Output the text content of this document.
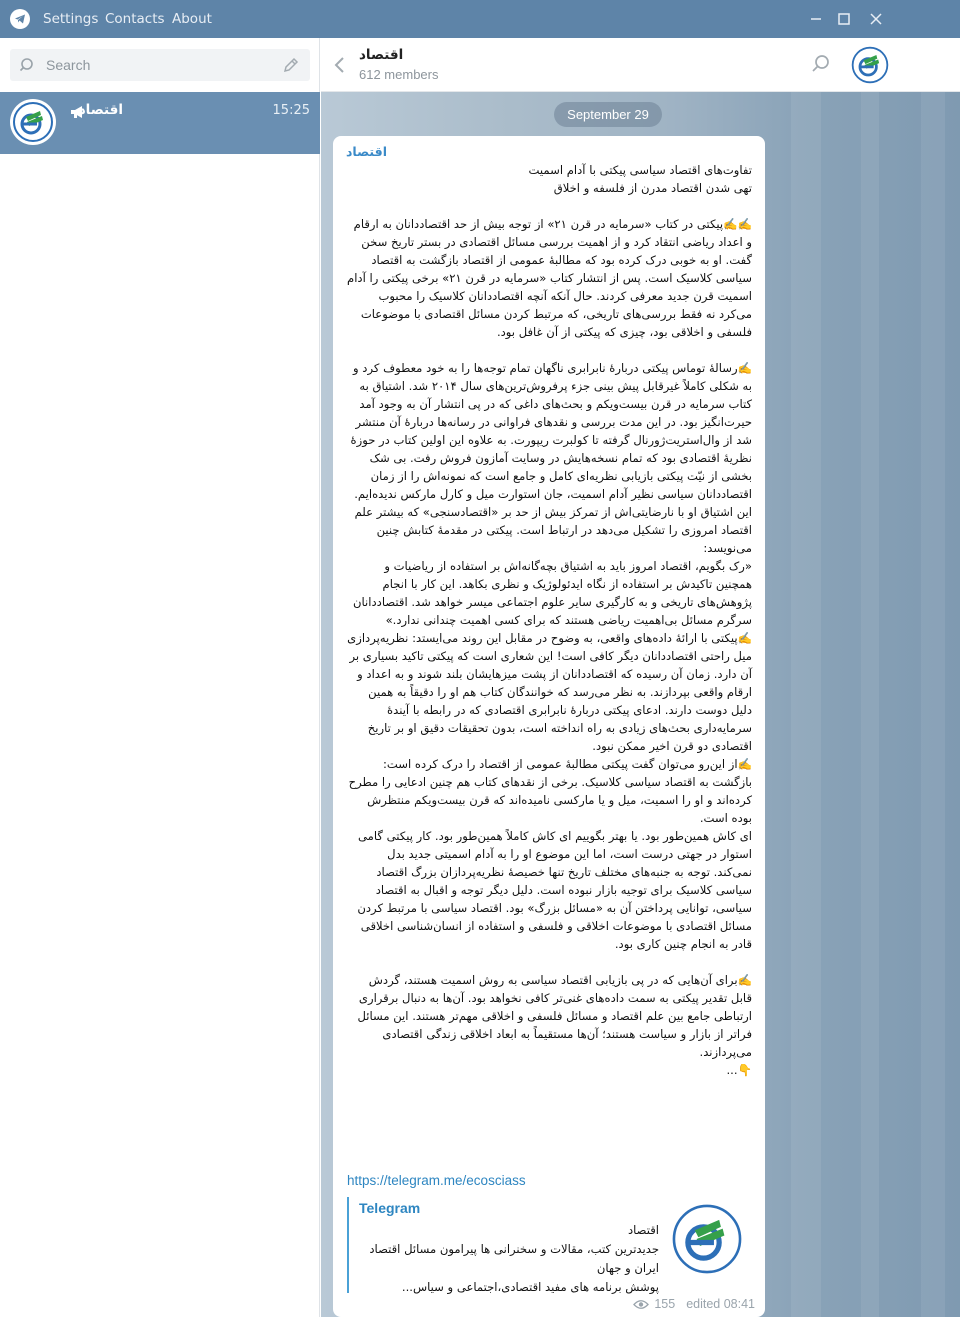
Settings Contacts About
Search
اقتصاد	15:25
اقتصاد
612 members
September 29
اقتصاد
تفاوت‌های اقتصاد سیاسی پیکتی با آدام اسمیت
تهی شدن اقتصاد مدرن از فلسفه و اخلاق

✍️✍️پیکتی در کتاب «سرمایه در قرن ۲۱» از توجه بیش از حد اقتصاددانان به ارقام و اعداد ریاضی انتقاد کرد و از اهمیت بررسی مسائل اقتصادی در بستر تاریخ سخن گفت. او به خوبی درک کرده بود که مطالبهٔ عمومی از اقتصاد بازگشت به اقتصاد سیاسی کلاسیک است. پس از انتشار کتاب «سرمایه در قرن ۲۱» برخی پیکتی را آدام اسمیت قرن جدید معرفی کردند. حال آنکه آنچه اقتصاددانان کلاسیک را محبوب می‌کرد نه فقط بررسی‌های تاریخی، که مرتبط کردن مسائل اقتصادی با موضوعات فلسفی و اخلاقی بود، چیزی که پیکتی از آن غافل بود.

✍️رسالهٔ توماس پیکتی دربارهٔ نابرابری ناگهان تمام توجه‌ها را به خود معطوف کرد و به شکلی کاملاً غیرقابل پیش بینی جزء پرفروش‌ترین‌های سال ۲۰۱۴ شد. اشتیاق به کتاب سرمایه در قرن بیست‌ویکم و بحث‌های داغی که در پی انتشار آن به وجود آمد حیرت‌انگیز بود. در این مدت بررسی و نقدهای فراوانی در رسانه‌ها دربارهٔ آن منتشر شد از وال‌استریت‌ژورنال گرفته تا کولبرت ریپورت. به علاوه این اولین کتاب در حوزهٔ نظریهٔ اقتصادی بود که تمام نسخه‌هایش در وسایت آمازون فروش رفت. بی شک بخشی از نیّت پیکتی بازیابی نظریه‌ای کامل و جامع است که نمونه‌اش را از زمان اقتصاددانان سیاسی نظیر آدام اسمیت، جان استوارت میل و کارل مارکس ندیده‌ایم. این اشتیاق او با نارضایتی‌اش از تمرکز بیش از حد بر «اقتصادسنجی» که بیشتر علم اقتصاد امروزی را تشکیل می‌دهد در ارتباط است. پیکتی در مقدمهٔ کتابش چنین می‌نویسد:
«رک بگویم، اقتصاد امروز باید به اشتیاق بچه‌گانه‌اش بر استفاده از ریاضیات و همچنین تاکیدش بر استفاده از نگاه ایدئولوژیک و نظری بکاهد. این کار با انجام پژوهش‌های تاریخی و به کارگیری سایر علوم اجتماعی میسر خواهد شد. اقتصاددانان سرگرم مسائل بی‌اهمیت ریاضی هستند که برای کسی اهمیت چندانی ندارد.»
✍️پیکتی با ارائهٔ داده‌های واقعی، به وضوح در مقابل این روند می‌ایستد: نظریه‌پردازی میل راحتی اقتصاددانان دیگر کافی است! این شعاری است که پیکتی تاکید بسیاری بر آن دارد. زمان آن رسیده که اقتصاددانان از پشت میزهایشان بلند شوند و به اعداد و ارقام واقعی بپردازند. به نظر می‌رسد که خوانندگان کتاب هم او را دقیقاً به همین دلیل دوست دارند. ادعای پیکتی دربارهٔ نابرابری اقتصادی که در رابطه با آیندهٔ سرمایه‌داری بحث‌های زیادی به راه انداخته است، بدون تحقیقات دقیق او بر تاریخ اقتصادی دو قرن اخیر ممکن نبود.
✍️از این‌رو می‌توان گفت پیکتی مطالبهٔ عمومی از اقتصاد را درک کرده است: بازگشت به اقتصاد سیاسی کلاسیک. برخی از نقدهای کتاب هم چنین ادعایی را مطرح کرده‌اند و او را اسمیت، میل و یا مارکسی نامیده‌اند که قرن بیست‌ویکم منتظرش بوده است.
ای کاش همین‌طور بود. یا بهتر بگوییم ای کاش کاملاً همین‌طور بود. کار پیکتی گامی استوار در جهتی درست است، اما این موضوع او را به آدام اسمیتی جدید بدل نمی‌کند. توجه به جنبه‌های مختلف تاریخ تنها خصیصهٔ نظریه‌پردازان بزرگ اقتصاد سیاسی کلاسیک برای توجیه بازار نبوده است. دلیل دیگر توجه و اقبال به اقتصاد سیاسی، توانایی پرداختن آن به «مسائل بزرگ» بود. اقتصاد سیاسی با مرتبط کردن مسائل اقتصادی با موضوعات اخلاقی و فلسفی و استفاده از انسان‌شناسی اخلاقی قادر به انجام چنین کاری بود.

✍️برای آن‌هایی که در پی بازیابی اقتصاد سیاسی به روش اسمیت هستند، گردش قابل تقدیر پیکتی به سمت داده‌های غنی‌تر کافی نخواهد بود. آن‌ها به دنبال برقراری ارتباطی جامع بین علم اقتصاد و مسائل فلسفی و اخلاقی مهم‌تر هستند. این مسائل فراتر از بازار و سیاست هستند؛ آن‌ها مستقیماً به ابعاد اخلاقی زندگی اقتصادی می‌پردازند.
👇...
https://telegram.me/ecosciass
Telegram
اقتصاد
جدیدترین کتب، مقالات و سخنرانی ها پیرامون مسائل اقتصاد ایران و جهان
پوشش برنامه های مفید اقتصادی،اجتماعی و سیاس...
155 edited 08:41
